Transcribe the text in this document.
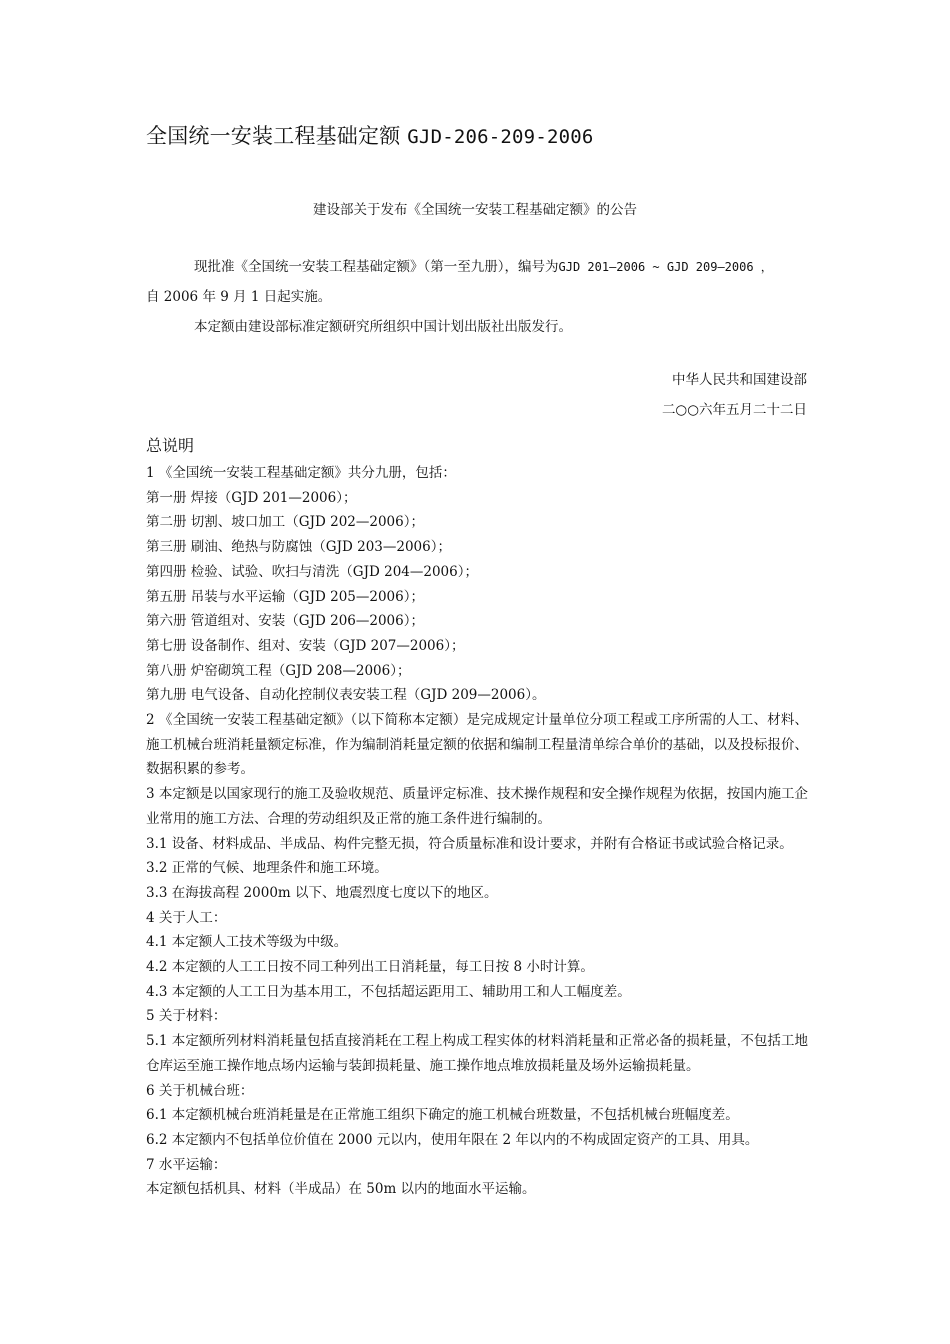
全国统一安装工程基础定额 GJD-206-209-2006
建设部关于发布《全国统一安装工程基础定额》的公告

现批准《全国统一安装工程基础定额》（第一至九册），编号为GJD 201—2006 ~ GJD 209—2006 ，
自 2006 年 9 月 1 日起实施。

本定额由建设部标准定额研究所组织中国计划出版社出版发行。

中华人民共和国建设部
二○○六年五月二十二日
总说明

1 《全国统一安装工程基础定额》共分九册，包括：

第一册 焊接（GJD 201—2006）；

第二册 切割、坡口加工（GJD 202—2006）；

第三册 刷油、绝热与防腐蚀（GJD 203—2006）；

第四册 检验、试验、吹扫与清洗（GJD 204—2006）；

第五册 吊装与水平运输（GJD 205—2006）；

第六册 管道组对、安装（GJD 206—2006）；

第七册 设备制作、组对、安装（GJD 207—2006）；

第八册 炉窑砌筑工程（GJD 208—2006）；

第九册 电气设备、自动化控制仪表安装工程（GJD 209—2006）。

2 《全国统一安装工程基础定额》（以下简称本定额）是完成规定计量单位分项工程或工序所需的人工、材料、施工机械台班消耗量额定标准，作为编制消耗量定额的依据和编制工程量清单综合单价的基础，以及投标报价、数据积累的参考。

3 本定额是以国家现行的施工及验收规范、质量评定标准、技术操作规程和安全操作规程为依据，按国内施工企业常用的施工方法、合理的劳动组织及正常的施工条件进行编制的。

3.1 设备、材料成品、半成品、构件完整无损，符合质量标准和设计要求，并附有合格证书或试验合格记录。

3.2 正常的气候、地理条件和施工环境。

3.3 在海拔高程 2000m 以下、地震烈度七度以下的地区。

4 关于人工：

4.1 本定额人工技术等级为中级。

4.2 本定额的人工工日按不同工种列出工日消耗量，每工日按 8 小时计算。

4.3 本定额的人工工日为基本用工，不包括超运距用工、辅助用工和人工幅度差。

5 关于材料：

5.1 本定额所列材料消耗量包括直接消耗在工程上构成工程实体的材料消耗量和正常必备的损耗量，不包括工地仓库运至施工操作地点场内运输与装卸损耗量、施工操作地点堆放损耗量及场外运输损耗量。

6 关于机械台班：

6.1 本定额机械台班消耗量是在正常施工组织下确定的施工机械台班数量，不包括机械台班幅度差。

6.2 本定额内不包括单位价值在 2000 元以内，使用年限在 2 年以内的不构成固定资产的工具、用具。

7 水平运输：

本定额包括机具、材料（半成品）在 50m 以内的地面水平运输。
